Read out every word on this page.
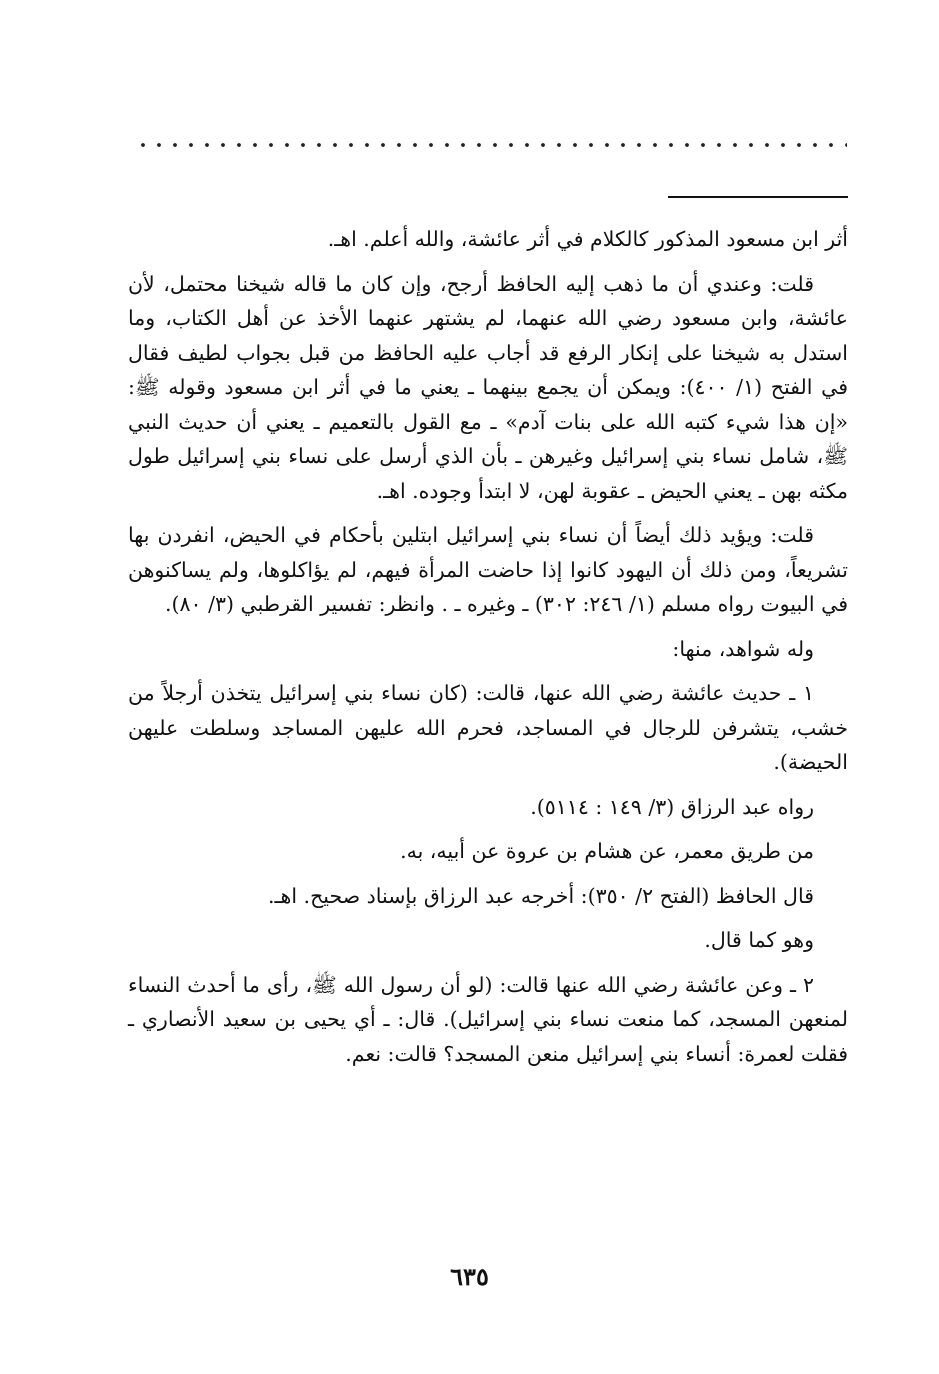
أثر ابن مسعود المذكور كالكلام في أثر عائشة، والله أعلم. اهـ.

قلت: وعندي أن ما ذهب إليه الحافظ أرجح، وإن كان ما قاله شيخنا محتمل، لأن عائشة، وابن مسعود رضي الله عنهما، لم يشتهر عنهما الأخذ عن أهل الكتاب، وما استدل به شيخنا على إنكار الرفع قد أجاب عليه الحافظ من قبل بجواب لطيف فقال في الفتح (١/ ٤٠٠): ويمكن أن يجمع بينهما ـ يعني ما في أثر ابن مسعود وقوله ﷺ: «إن هذا شيء كتبه الله على بنات آدم» ـ مع القول بالتعميم ـ يعني أن حديث النبي ﷺ، شامل نساء بني إسرائيل وغيرهن ـ بأن الذي أرسل على نساء بني إسرائيل طول مكثه بهن ـ يعني الحيض ـ عقوبة لهن، لا ابتدأ وجوده. اهـ.

قلت: ويؤيد ذلك أيضاً أن نساء بني إسرائيل ابتلين بأحكام في الحيض، انفردن بها تشريعاً، ومن ذلك أن اليهود كانوا إذا حاضت المرأة فيهم، لم يؤاكلوها، ولم يساكنوهن في البيوت رواه مسلم (١/ ٢٤٦: ٣٠٢) ـ وغيره ـ . وانظر: تفسير القرطبي (٣/ ٨٠).

وله شواهد، منها:

١ ـ حديث عائشة رضي الله عنها، قالت: (كان نساء بني إسرائيل يتخذن أرجلاً من خشب، يتشرفن للرجال في المساجد، فحرم الله عليهن المساجد وسلطت عليهن الحيضة).

رواه عبد الرزاق (٣/ ١٤٩ : ٥١١٤).

من طريق معمر، عن هشام بن عروة عن أبيه، به.

قال الحافظ (الفتح ٢/ ٣٥٠): أخرجه عبد الرزاق بإسناد صحيح. اهـ.

وهو كما قال.

٢ ـ وعن عائشة رضي الله عنها قالت: (لو أن رسول الله ﷺ، رأى ما أحدث النساء لمنعهن المسجد، كما منعت نساء بني إسرائيل). قال: ـ أي يحيى بن سعيد الأنصاري ـ فقلت لعمرة: أنساء بني إسرائيل منعن المسجد؟ قالت: نعم.

٦٣٥
